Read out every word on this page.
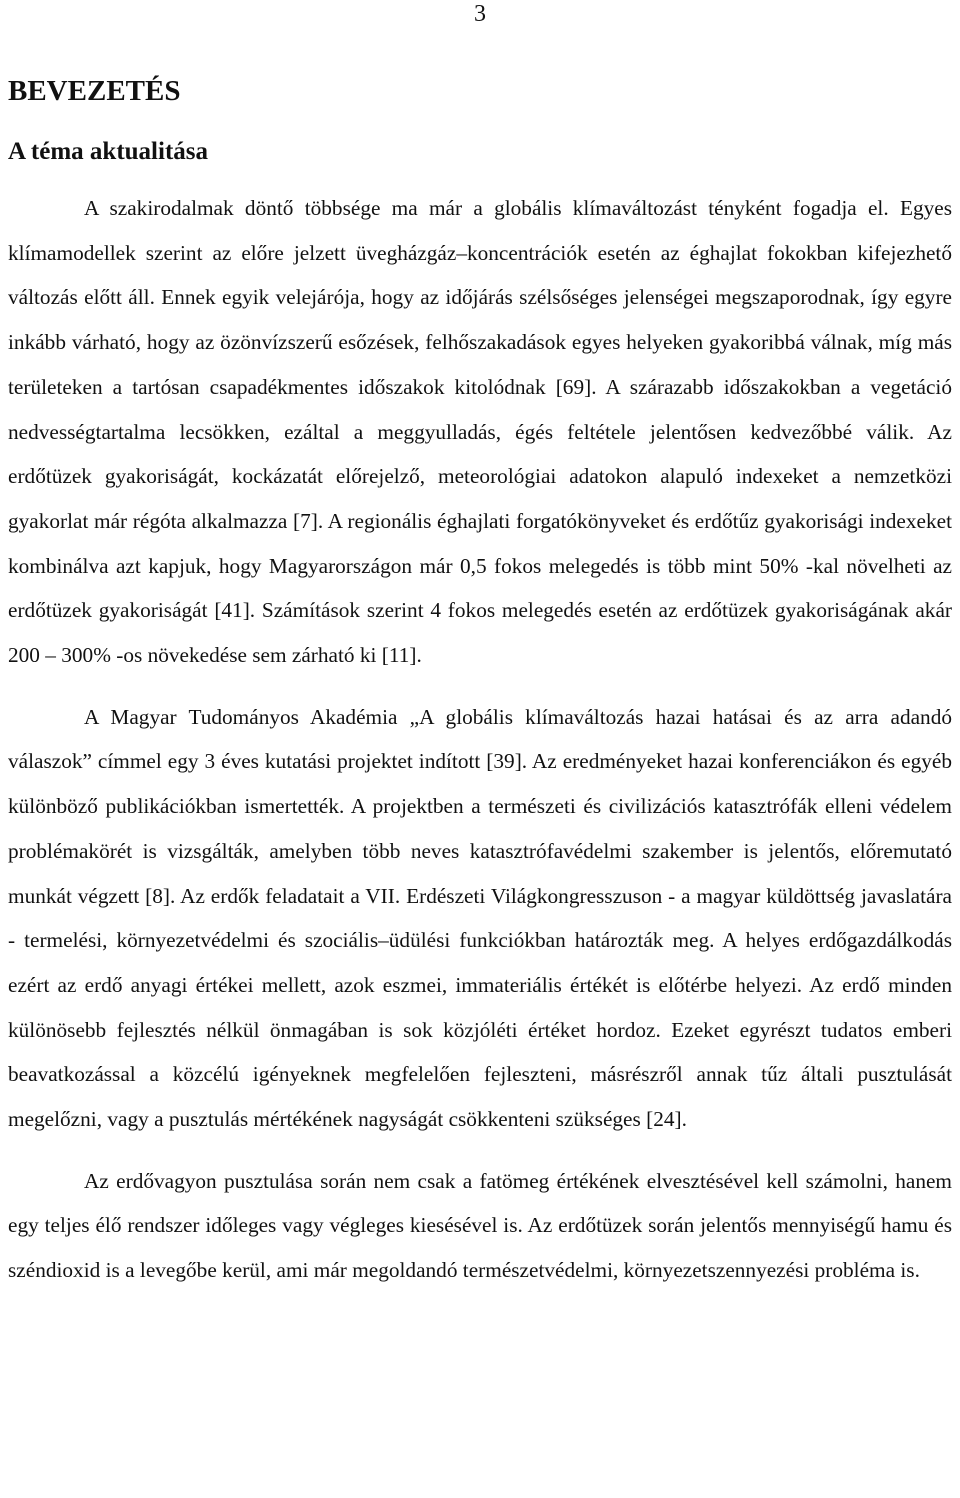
3
BEVEZETÉS
A téma aktualitása

A szakirodalmak döntő többsége ma már a globális klímaváltozást tényként fogadja el. Egyes klímamodellek szerint az előre jelzett üvegházgáz–koncentrációk esetén az éghajlat fokokban kifejezhető változás előtt áll. Ennek egyik velejárója, hogy az időjárás szélsőséges jelenségei megszaporodnak, így egyre inkább várható, hogy az özönvízszerű esőzések, felhőszakadások egyes helyeken gyakoribbá válnak, míg más területeken a tartósan csapadékmentes időszakok kitolódnak [69]. A szárazabb időszakokban a vegetáció nedvességtartalma lecsökken, ezáltal a meggyulladás, égés feltétele jelentősen kedvezőbbé válik. Az erdőtüzek gyakoriságát, kockázatát előrejelző, meteorológiai adatokon alapuló indexeket a nemzetközi gyakorlat már régóta alkalmazza [7]. A regionális éghajlati forgatókönyveket és erdőtűz gyakorisági indexeket kombinálva azt kapjuk, hogy Magyarországon már 0,5 fokos melegedés is több mint 50% -kal növelheti az erdőtüzek gyakoriságát [41]. Számítások szerint 4 fokos melegedés esetén az erdőtüzek gyakoriságának akár 200 – 300% -os növekedése sem zárható ki [11].

A Magyar Tudományos Akadémia „A globális klímaváltozás hazai hatásai és az arra adandó válaszok” címmel egy 3 éves kutatási projektet indított [39]. Az eredményeket hazai konferenciákon és egyéb különböző publikációkban ismertették. A projektben a természeti és civilizációs katasztrófák elleni védelem problémakörét is vizsgálták, amelyben több neves katasztrófavédelmi szakember is jelentős, előremutató munkát végzett [8]. Az erdők feladatait a VII. Erdészeti Világkongresszuson - a magyar küldöttség javaslatára - termelési, környezetvédelmi és szociális–üdülési funkciókban határozták meg. A helyes erdőgazdálkodás ezért az erdő anyagi értékei mellett, azok eszmei, immateriális értékét is előtérbe helyezi. Az erdő minden különösebb fejlesztés nélkül önmagában is sok közjóléti értéket hordoz. Ezeket egyrészt tudatos emberi beavatkozással a közcélú igényeknek megfelelően fejleszteni, másrészről annak tűz általi pusztulását megelőzni, vagy a pusztulás mértékének nagyságát csökkenteni szükséges [24].

Az erdővagyon pusztulása során nem csak a fatömeg értékének elvesztésével kell számolni, hanem egy teljes élő rendszer időleges vagy végleges kiesésével is. Az erdőtüzek során jelentős mennyiségű hamu és széndioxid is a levegőbe kerül, ami már megoldandó természetvédelmi, környezetszennyezési probléma is.
